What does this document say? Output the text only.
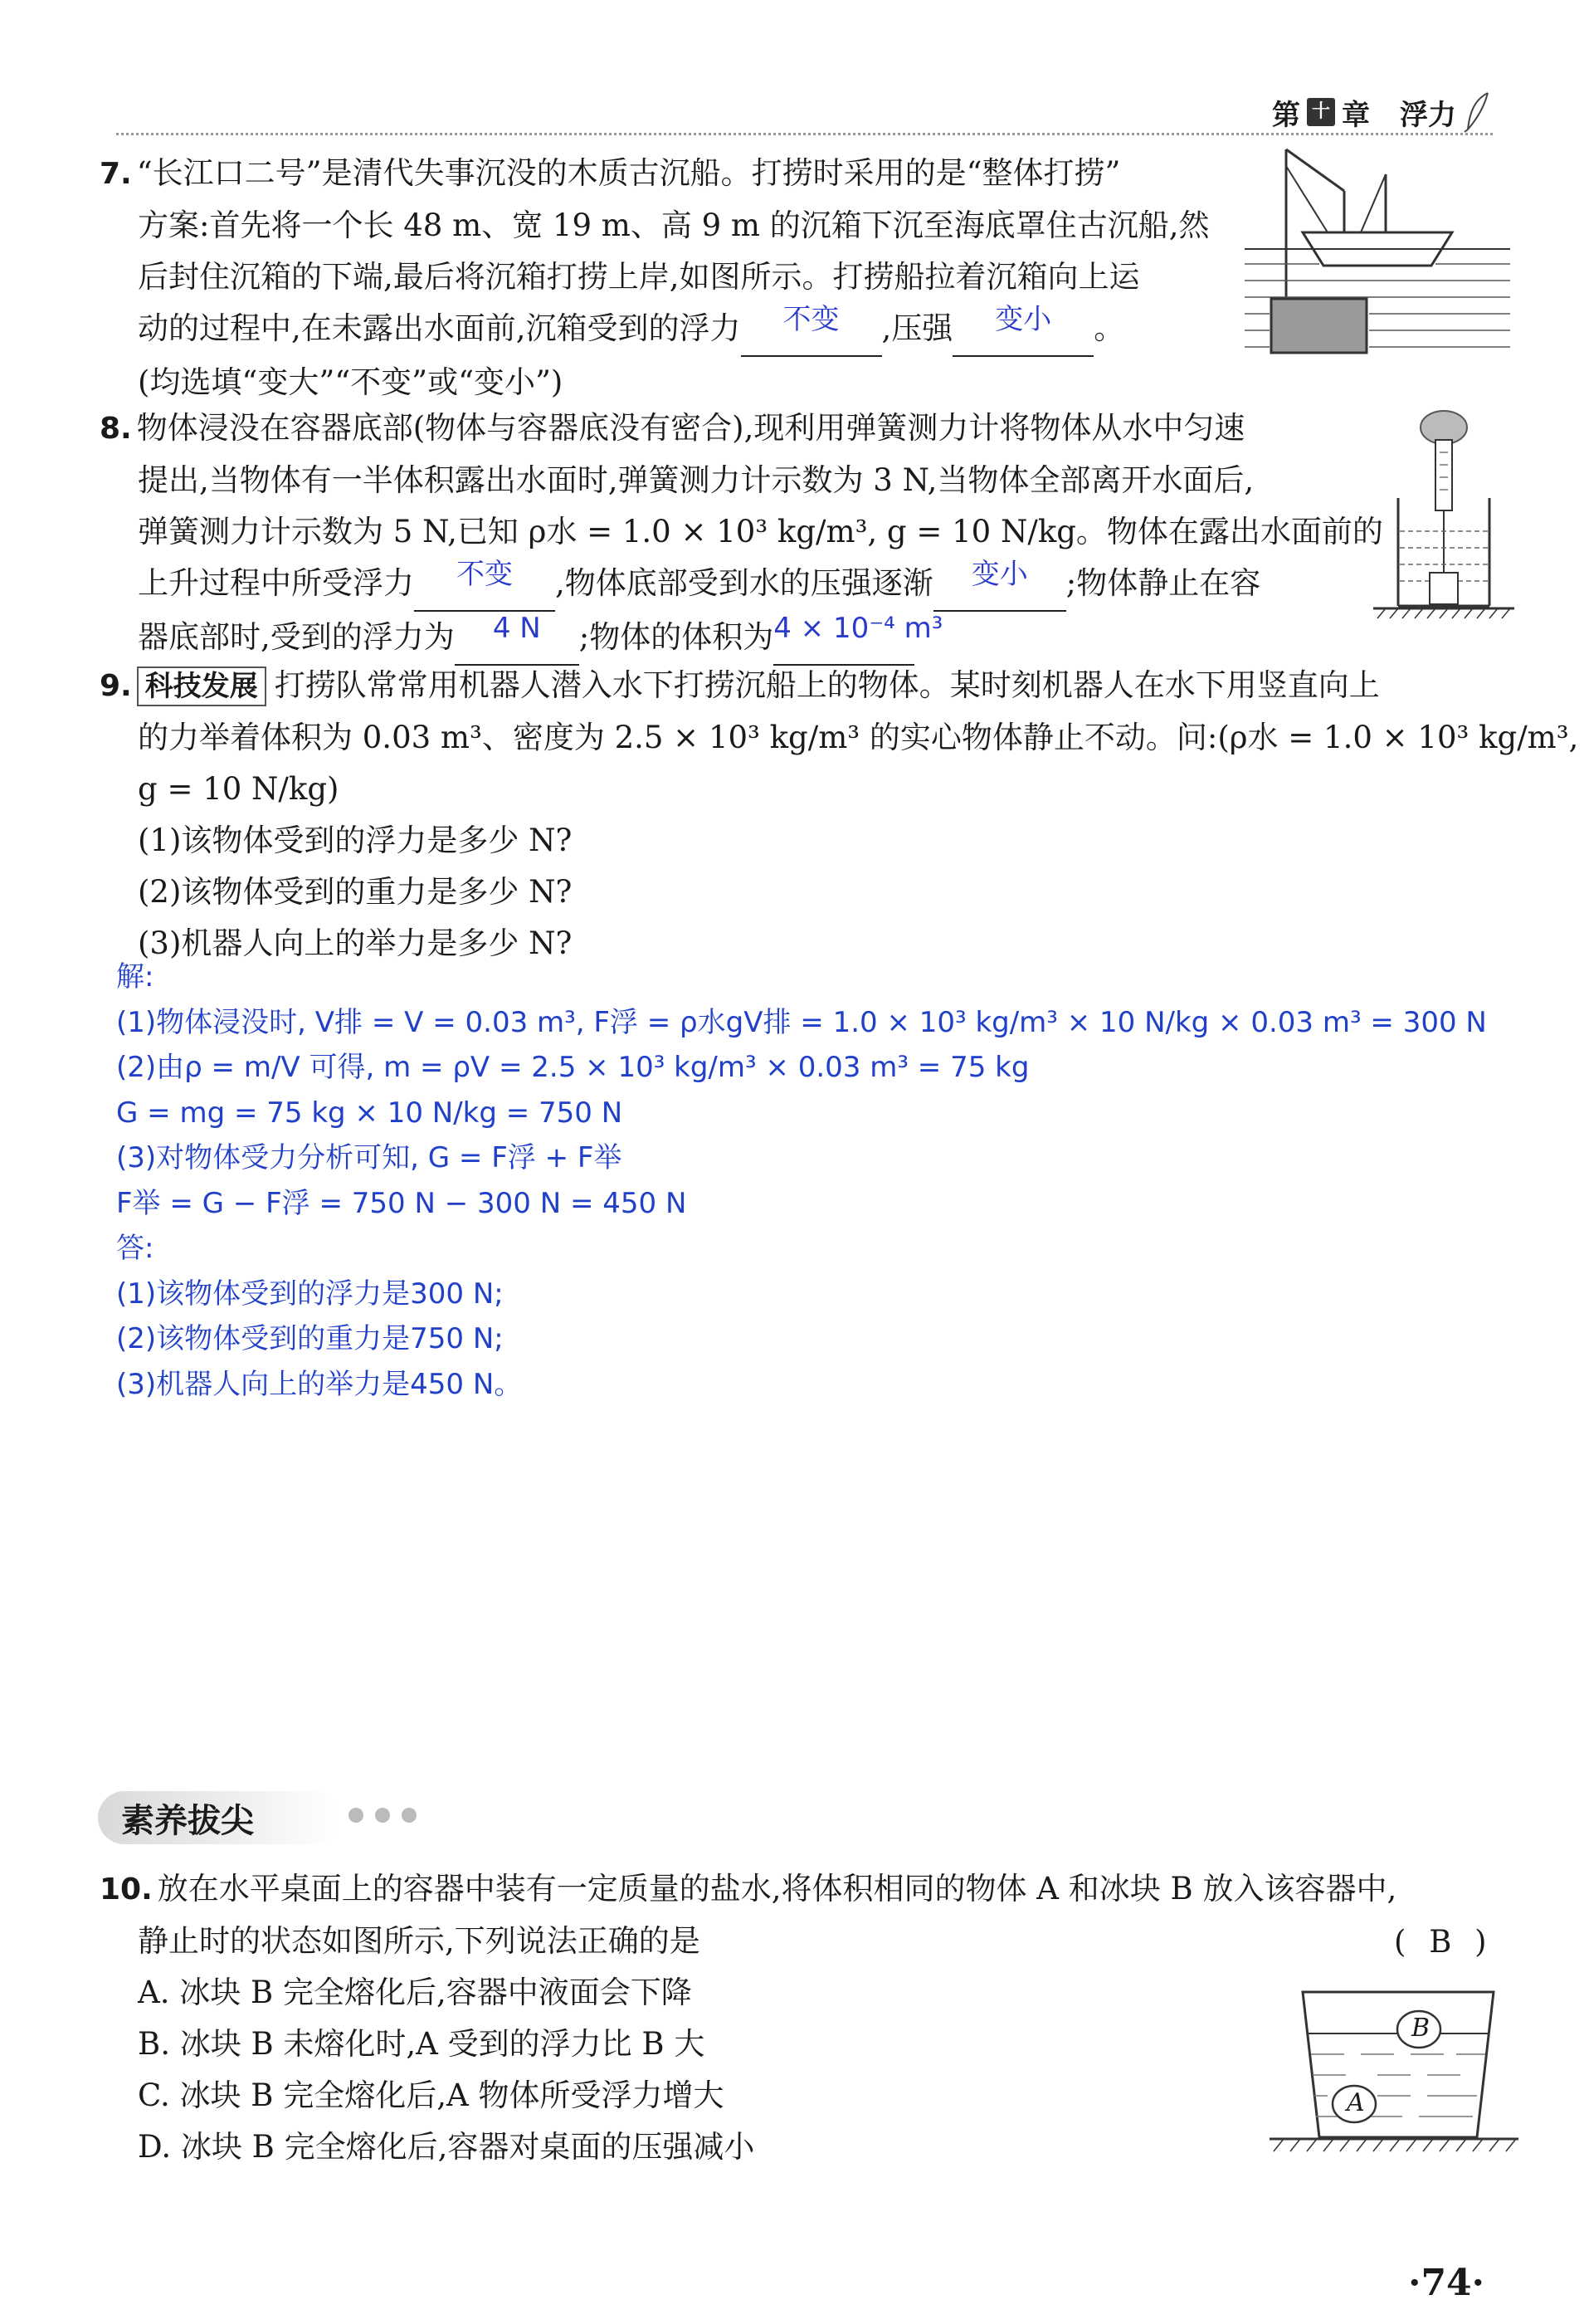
第 十 章 浮力
7. “长江口二号”是清代失事沉没的木质古沉船。打捞时采用的是“整体打捞”
方案:首先将一个长 48 m、宽 19 m、高 9 m 的沉箱下沉至海底罩住古沉船,然
后封住沉箱的下端,最后将沉箱打捞上岸,如图所示。打捞船拉着沉箱向上运
动的过程中,在未露出水面前,沉箱受到的浮力 不变 ,压强 变小 。
(均选填“变大”“不变”或“变小”)
8. 物体浸没在容器底部(物体与容器底没有密合),现利用弹簧测力计将物体从水中匀速
提出,当物体有一半体积露出水面时,弹簧测力计示数为 3 N,当物体全部离开水面后,
弹簧测力计示数为 5 N,已知 ρ水 = 1.0 × 10³ kg/m³, g = 10 N/kg。物体在露出水面前的
上升过程中所受浮力 不变 ,物体底部受到水的压强逐渐 变小 ;物体静止在容
器底部时,受到的浮力为 4 N ;物体的体积为4 × 10⁻⁴ m³
9. 科技发展 打捞队常常用机器人潜入水下打捞沉船上的物体。某时刻机器人在水下用竖直向上
的力举着体积为 0.03 m³、密度为 2.5 × 10³ kg/m³ 的实心物体静止不动。问:(ρ水 = 1.0 × 10³ kg/m³,
g = 10 N/kg)
(1)该物体受到的浮力是多少 N?
(2)该物体受到的重力是多少 N?
(3)机器人向上的举力是多少 N?
解:
(1)物体浸没时, V排 = V = 0.03 m³, F浮 = ρ水gV排 = 1.0 × 10³ kg/m³ × 10 N/kg × 0.03 m³ = 300 N
(2)由ρ = m/V 可得, m = ρV = 2.5 × 10³ kg/m³ × 0.03 m³ = 75 kg
G = mg = 75 kg × 10 N/kg = 750 N
(3)对物体受力分析可知, G = F浮 + F举
F举 = G − F浮 = 750 N − 300 N = 450 N
答:
(1)该物体受到的浮力是300 N;
(2)该物体受到的重力是750 N;
(3)机器人向上的举力是450 N。
素养拔尖
10. 放在水平桌面上的容器中装有一定质量的盐水,将体积相同的物体 A 和冰块 B 放入该容器中,
静止时的状态如图所示,下列说法正确的是
A. 冰块 B 完全熔化后,容器中液面会下降
B. 冰块 B 未熔化时,A 受到的浮力比 B 大
C. 冰块 B 完全熔化后,A 物体所受浮力增大
D. 冰块 B 完全熔化后,容器对桌面的压强减小
( B )
B
A
·74·
